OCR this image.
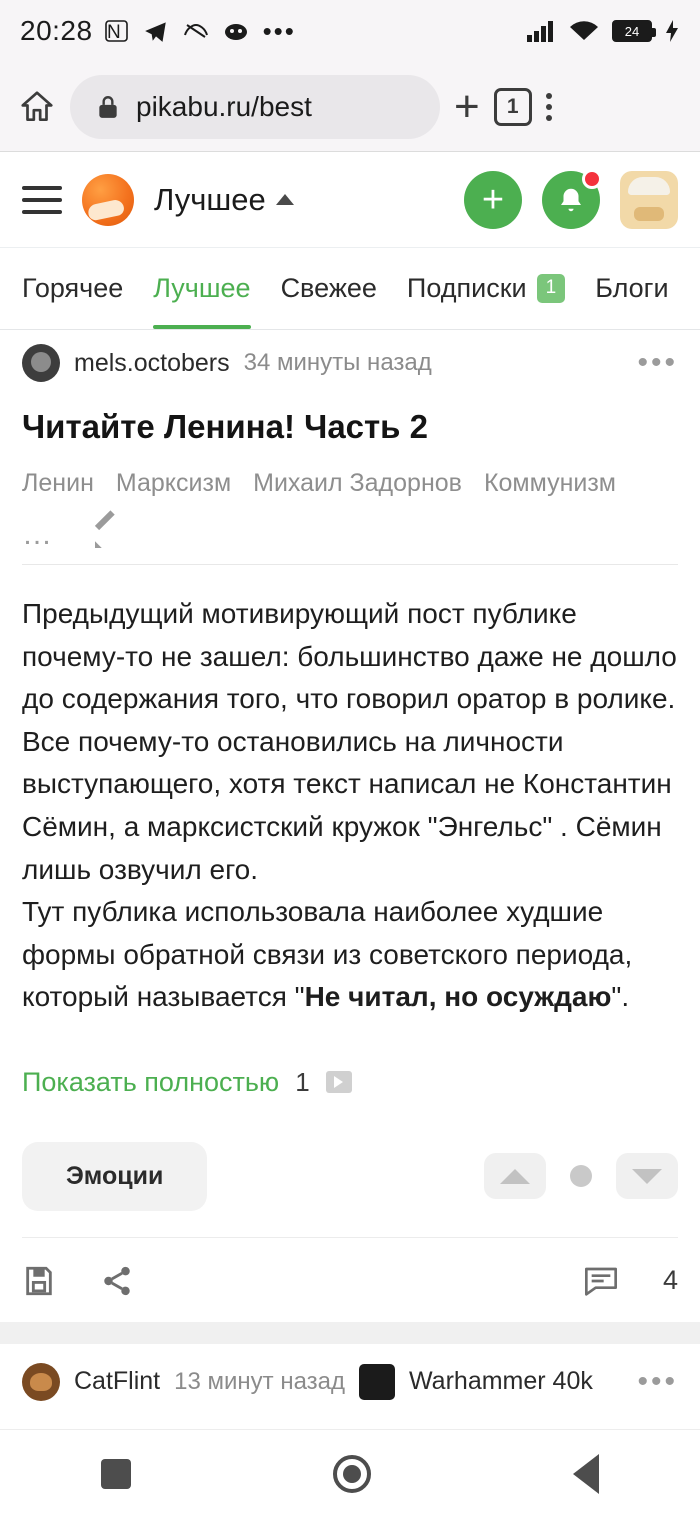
20:28 N	•••	24
pikabu.ru/best	+	1
Лучшее	+
Горячее Лучшее Свежее Подписки	1	Блоги
mels.octobers 34 минуты назад	•••
Читайте Ленина! Часть 2
Ленин Марксизм Михаил Задорнов Коммунизм
…

Предыдущий мотивирующий пост публике почему-то не зашел: большинство даже не дошло до содержания того, что говорил оратор в ролике. Все почему-то остановились на личности выступающего, хотя текст написал не Константин Сёмин, а марксистский кружок "Энгельс" . Сёмин лишь озвучил его.

Тут публика использовала наиболее худшие формы обратной связи из советского периода, который называется "Не читал, но осуждаю".

Показать полностью 1
Эмоции
4
CatFlint 13 минут назад	Warhammer 40k •••
